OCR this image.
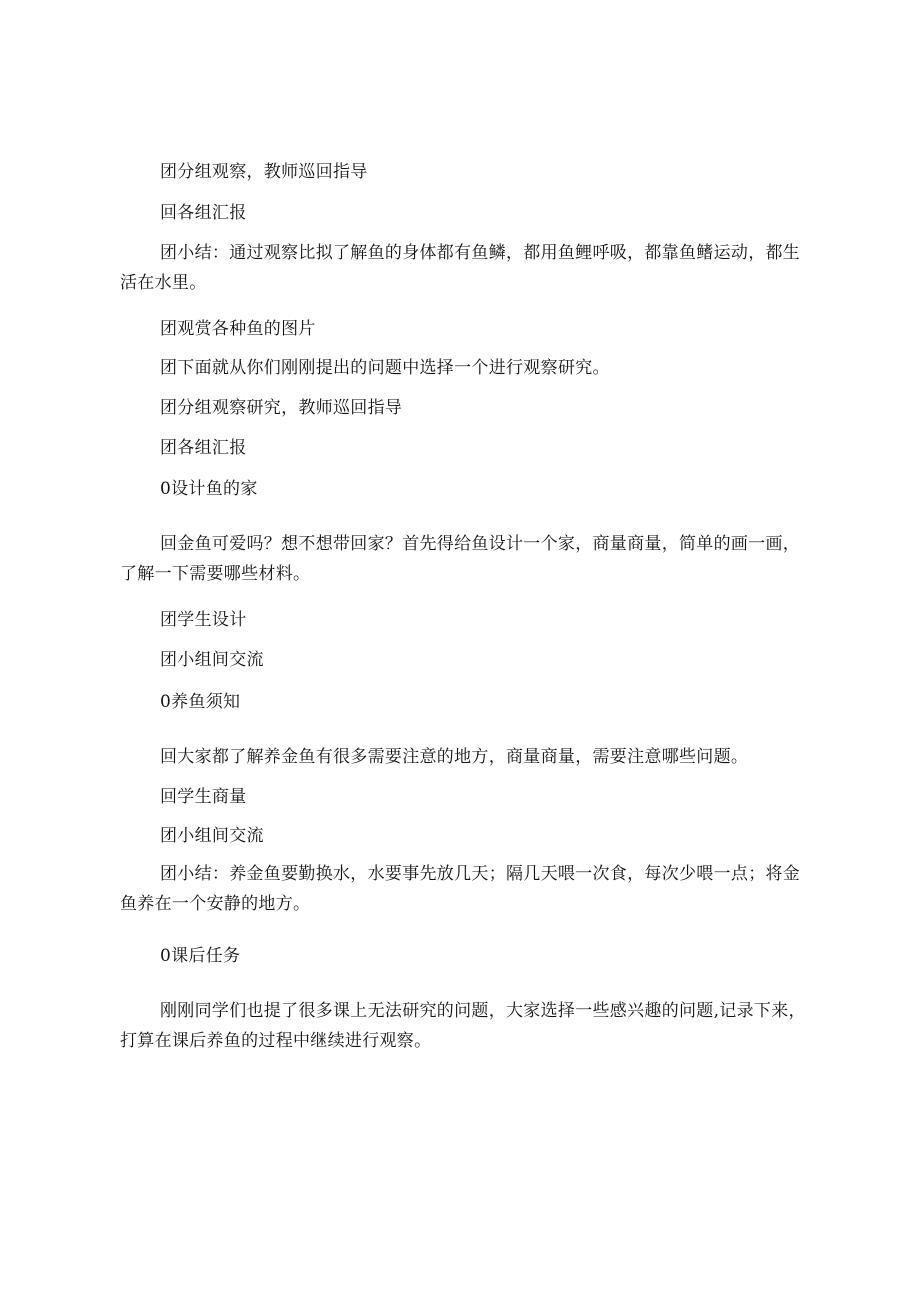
团分组观察，教师巡回指导

回各组汇报

团小结：通过观察比拟了解鱼的身体都有鱼鳞，都用鱼鲤呼吸，都靠鱼鳍运动，都生活在水里。

团观赏各种鱼的图片

团下面就从你们刚刚提出的问题中选择一个进行观察研究。

团分组观察研究，教师巡回指导

团各组汇报

0设计鱼的家

回金鱼可爱吗？想不想带回家？首先得给鱼设计一个家，商量商量，简单的画一画，了解一下需要哪些材料。

团学生设计

团小组间交流

0养鱼须知

回大家都了解养金鱼有很多需要注意的地方，商量商量，需要注意哪些问题。

回学生商量

团小组间交流

团小结：养金鱼要勤换水，水要事先放几天；隔几天喂一次食，每次少喂一点；将金鱼养在一个安静的地方。

0课后任务

刚刚同学们也提了很多课上无法研究的问题，大家选择一些感兴趣的问题,记录下来，打算在课后养鱼的过程中继续进行观察。
